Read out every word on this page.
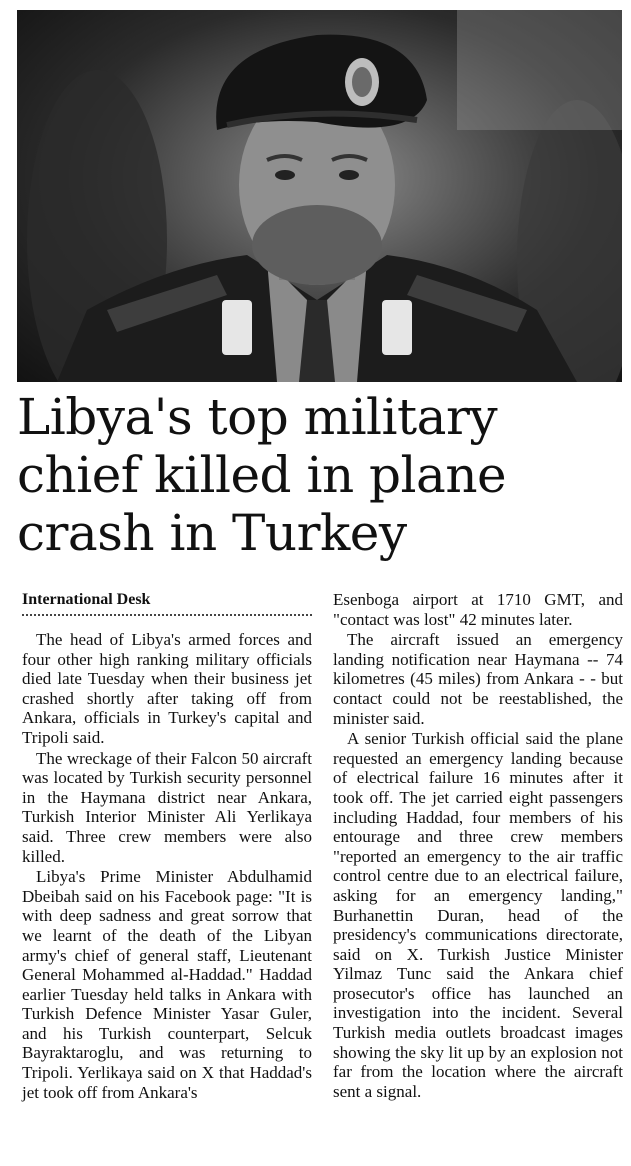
Libya's top military chief killed in plane crash in Turkey
International Desk

The head of Libya's armed forces and four other high ranking military officials died late Tuesday when their business jet crashed shortly after taking off from Ankara, officials in Turkey's capital and Tripoli said.

The wreckage of their Falcon 50 aircraft was located by Turkish security personnel in the Haymana district near Ankara, Turkish Interior Minister Ali Yerlikaya said. Three crew members were also killed.

Libya's Prime Minister Abdulhamid Dbeibah said on his Facebook page: "It is with deep sadness and great sorrow that we learnt of the death of the Libyan army's chief of general staff, Lieutenant General Mohammed al-Haddad." Haddad earlier Tuesday held talks in Ankara with Turkish Defence Minister Yasar Guler, and his Turkish counterpart, Selcuk Bayraktaroglu, and was returning to Tripoli. Yerlikaya said on X that Haddad's jet took off from Ankara's

Esenboga airport at 1710 GMT, and "contact was lost" 42 minutes later.

The aircraft issued an emergency landing notification near Haymana -- 74 kilometres (45 miles) from Ankara - - but contact could not be reestablished, the minister said.

A senior Turkish official said the plane requested an emergency landing because of electrical failure 16 minutes after it took off. The jet carried eight passengers including Haddad, four members of his entourage and three crew members "reported an emergency to the air traffic control centre due to an electrical failure, asking for an emergency landing," Burhanettin Duran, head of the presidency's communications directorate, said on X. Turkish Justice Minister Yilmaz Tunc said the Ankara chief prosecutor's office has launched an investigation into the incident. Several Turkish media outlets broadcast images showing the sky lit up by an explosion not far from the location where the aircraft sent a signal.
